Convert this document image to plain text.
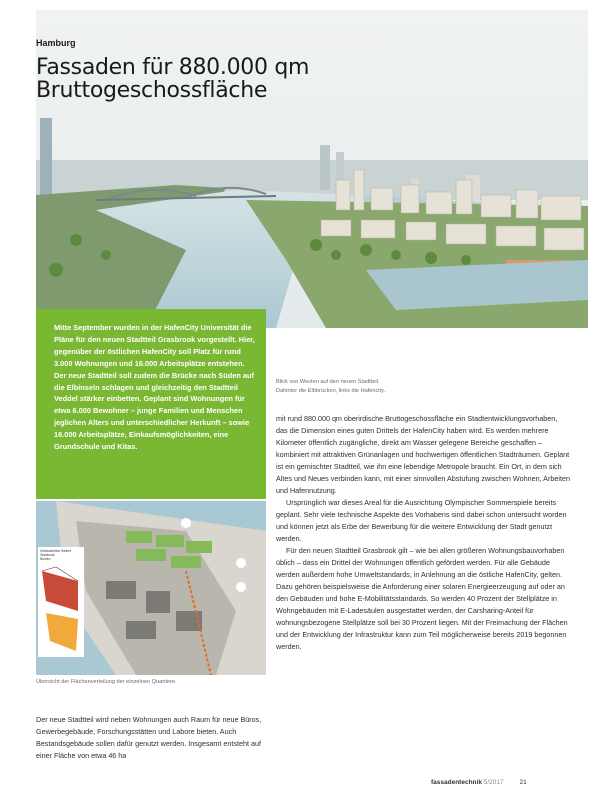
Hamburg
Fassaden für 880.000 qm
Bruttogeschossfläche

Mitte September wurden in der HafenCity Universität die Pläne für den neuen Stadtteil Grasbrook vorgestellt. Hier, gegenüber der östlichen HafenCity soll Platz für rund 3.000 Wohnungen und 16.000 Arbeitsplätze entstehen. Der neue Stadtteil soll zudem die Brücke nach Süden auf die Elbinseln schlagen und gleichzeitig den Stadtteil Veddel stärker einbetten. Geplant sind Wohnungen für etwa 6.000 Bewohner – junge Familien und Menschen jeglichen Alters und unterschiedlicher Herkunft – sowie 16.000 Arbeitsplätze, Einkaufsmöglichkeiten, eine Grundschule und Kitas.

Blick von Westen auf den neuen Stadtteil.
Dahinter die Elbbrücken, links die Hafencity.
Gebäudehöhe Kleiner Grasbrook
Norden
Übersicht der Flächenverteilung der einzelnen Quartiere.

Der neue Stadtteil wird neben Wohnungen auch Raum für neue Büros, Gewerbegebäude, Forschungsstätten und Labore bieten. Auch Bestandsgebäude sollen dafür genutzt werden. Insgesamt entsteht auf einer Fläche von etwa 46 ha

mit rund 880.000 qm oberirdische Bruttogeschossfläche ein Stadtentwicklungsvorhaben, das die Dimension eines guten Drittels der HafenCity haben wird. Es werden mehrere Kilometer öffentlich zugängliche, direkt am Wasser gelegene Bereiche geschaffen – kombiniert mit attraktiven Grünanlagen und hochwertigen öffentlichen Stadträumen. Geplant ist ein gemischter Stadtteil, wie ihn eine lebendige Metropole braucht. Ein Ort, in dem sich Altes und Neues verbinden kann, mit einer sinnvollen Abstufung zwischen Wohnen, Arbeiten und Hafennutzung.

Ursprünglich war dieses Areal für die Ausrichtung Olympischer Sommerspiele bereits geplant. Sehr viele technische Aspekte des Vorhabens sind dabei schon untersucht worden und können jetzt als Erbe der Bewerbung für die weitere Entwicklung der Stadt genutzt werden.

Für den neuen Stadtteil Grasbrook gilt – wie bei allen größeren Wohnungsbauvorhaben üblich – dass ein Drittel der Wohnungen öffentlich gefördert werden. Für alle Gebäude werden außerdem hohe Umweltstandards, in Anlehnung an die östliche HafenCity, gelten. Dazu gehören beispielsweise die Anforderung einer solaren Energieerzeugung auf oder an den Gebäuden und hohe E-Mobilitätsstandards. So werden 40 Prozent der Stellplätze in Wohngebäuden mit E-Ladesäulen ausgestattet werden, der Carsharing-Anteil für wohnungsbezogene Stellplätze soll bei 30 Prozent liegen. Mit der Freimachung der Flächen und der Entwicklung der Infrastruktur kann zum Teil möglicherweise bereits 2019 begonnen werden.

fassadentechnik 5/2017 21
